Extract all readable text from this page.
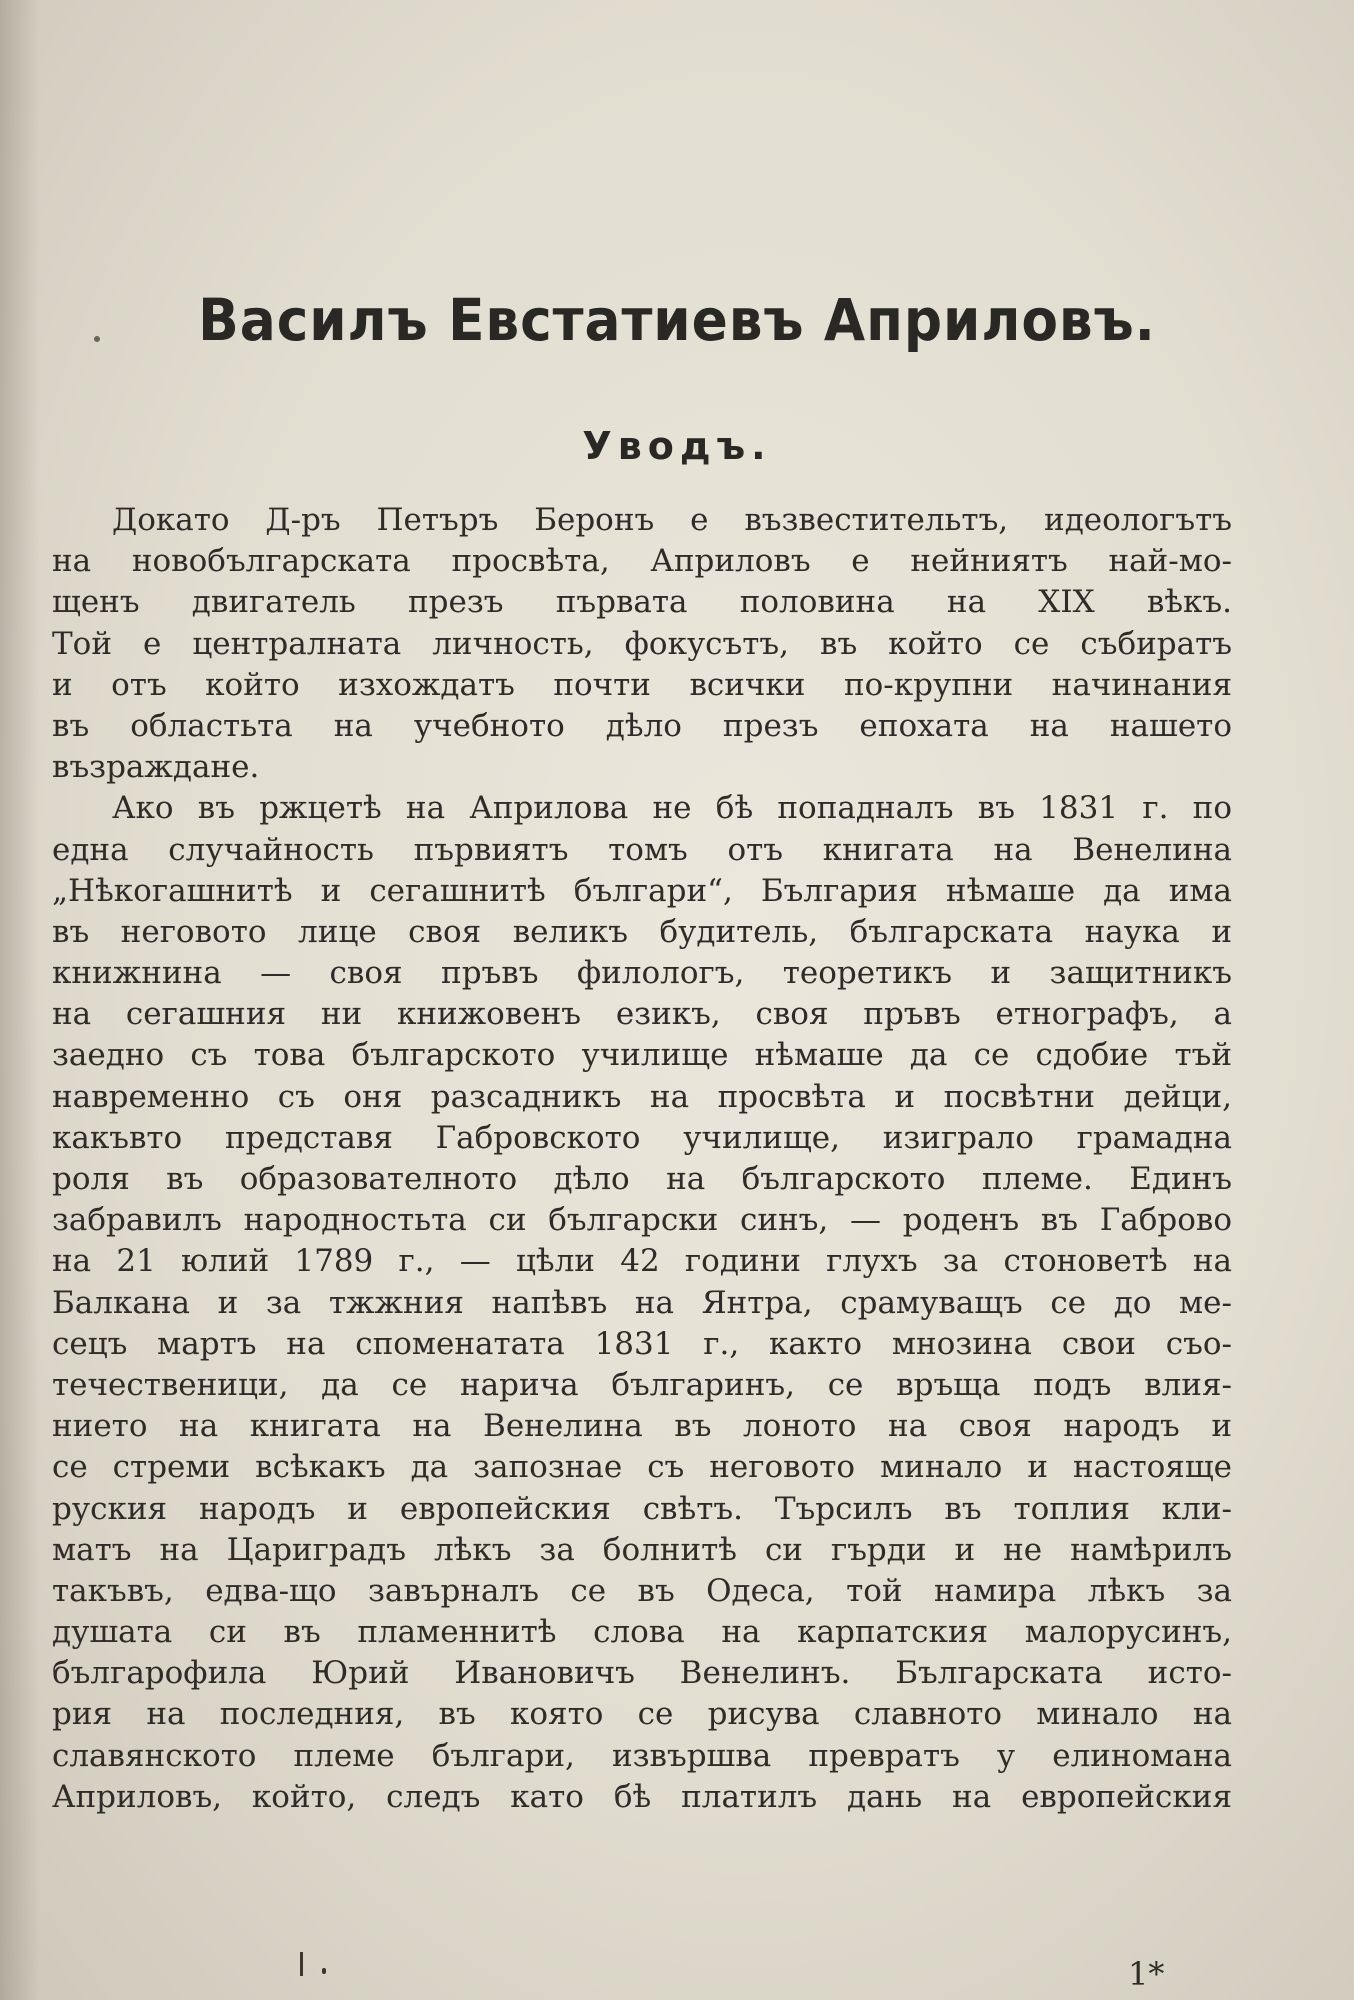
Василъ Евстатиевъ Априловъ.
Уводъ.
Докато Д-ръ Петъръ Беронъ е възвестительтъ, идеологътъ
на новобългарската просвѣта, Априловъ е нейниятъ най-мо-
щенъ двигатель презъ първата половина на XIX вѣкъ.
Той е централната личность, фокусътъ, въ който се събиратъ
и отъ който изхождатъ почти всички по-крупни начинания
въ областьта на учебното дѣло презъ епохата на нашето
възраждане.
Ако въ ржцетѣ на Априлова не бѣ попадналъ въ 1831 г. по
една случайность първиятъ томъ отъ книгата на Венелина
„Нѣкогашнитѣ и сегашнитѣ българи“, България нѣмаше да има
въ неговото лице своя великъ будитель, българската наука и
книжнина — своя пръвъ филологъ, теоретикъ и защитникъ
на сегашния ни книжовенъ езикъ, своя пръвъ етнографъ, а
заедно съ това българското училище нѣмаше да се сдобие тъй
навременно съ оня разсадникъ на просвѣта и посвѣтни дейци,
какъвто представя Габровското училище, изиграло грамадна
роля въ образователното дѣло на българското племе. Единъ
забравилъ народностьта си български синъ, — роденъ въ Габрово
на 21 юлий 1789 г., — цѣли 42 години глухъ за стоноветѣ на
Балкана и за тжжния напѣвъ на Янтра, срамуващъ се до ме-
сецъ мартъ на споменатата 1831 г., както мнозина свои съо-
течественици, да се нарича българинъ, се връща подъ влия-
нието на книгата на Венелина въ лоното на своя народъ и
се стреми всѣкакъ да запознае съ неговото минало и настояще
руския народъ и европейския свѣтъ. Търсилъ въ топлия кли-
матъ на Цариградъ лѣкъ за болнитѣ си гърди и не намѣрилъ
такъвъ, едва-що завърналъ се въ Одеса, той намира лѣкъ за
душата си въ пламеннитѣ слова на карпатския малорусинъ,
българофила Юрий Ивановичъ Венелинъ. Българската исто-
рия на последния, въ която се рисува славното минало на
славянското племе българи, извършва превратъ у елиномана
Априловъ, който, следъ като бѣ платилъ дань на европейския
1*
